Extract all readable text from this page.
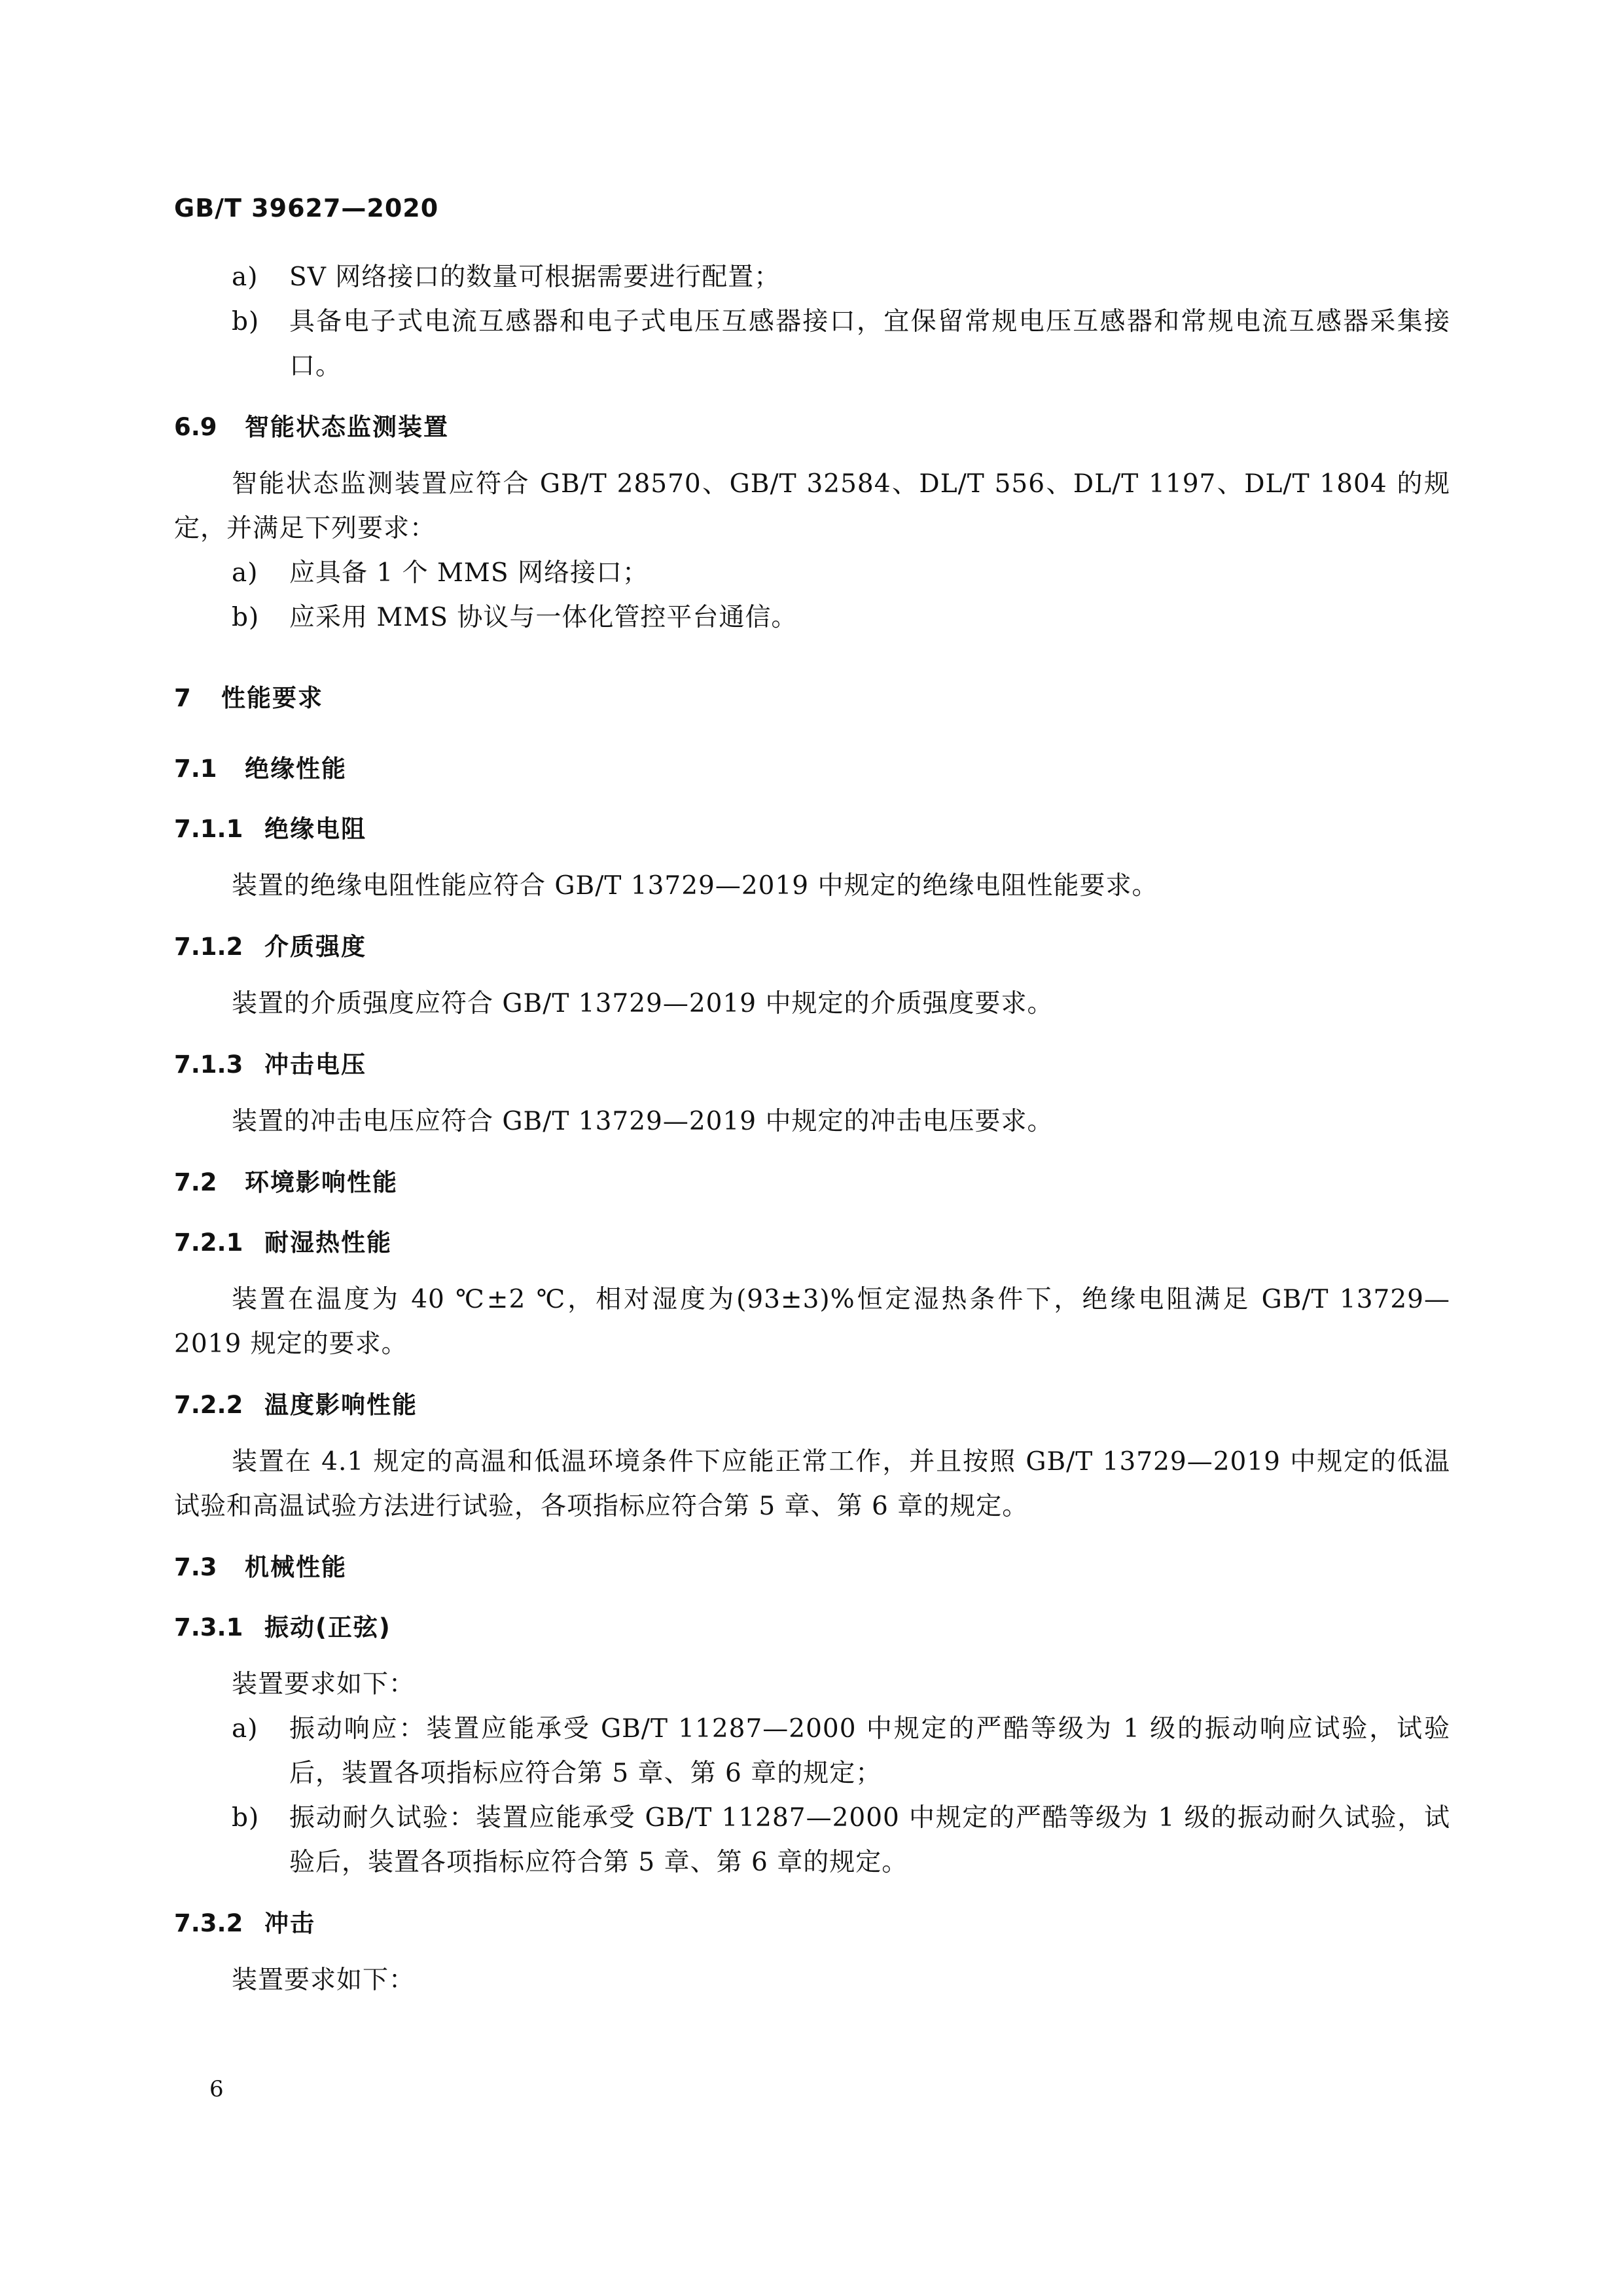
GB/T 39627—2020
a) SV 网络接口的数量可根据需要进行配置；
b) 具备电子式电流互感器和电子式电压互感器接口，宜保留常规电压互感器和常规电流互感器采集接口。
6.9 智能状态监测装置

智能状态监测装置应符合 GB/T 28570、GB/T 32584、DL/T 556、DL/T 1197、DL/T 1804 的规定，并满足下列要求：

a) 应具备 1 个 MMS 网络接口；
b) 应采用 MMS 协议与一体化管控平台通信。
7 性能要求
7.1 绝缘性能
7.1.1 绝缘电阻

装置的绝缘电阻性能应符合 GB/T 13729—2019 中规定的绝缘电阻性能要求。

7.1.2 介质强度

装置的介质强度应符合 GB/T 13729—2019 中规定的介质强度要求。

7.1.3 冲击电压

装置的冲击电压应符合 GB/T 13729—2019 中规定的冲击电压要求。

7.2 环境影响性能
7.2.1 耐湿热性能

装置在温度为 40 ℃±2 ℃，相对湿度为(93±3)%恒定湿热条件下，绝缘电阻满足 GB/T 13729—2019 规定的要求。

7.2.2 温度影响性能

装置在 4.1 规定的高温和低温环境条件下应能正常工作，并且按照 GB/T 13729—2019 中规定的低温试验和高温试验方法进行试验，各项指标应符合第 5 章、第 6 章的规定。

7.3 机械性能
7.3.1 振动(正弦)

装置要求如下：

a) 振动响应：装置应能承受 GB/T 11287—2000 中规定的严酷等级为 1 级的振动响应试验，试验后，装置各项指标应符合第 5 章、第 6 章的规定；
b) 振动耐久试验：装置应能承受 GB/T 11287—2000 中规定的严酷等级为 1 级的振动耐久试验，试验后，装置各项指标应符合第 5 章、第 6 章的规定。
7.3.2 冲击

装置要求如下：

6
